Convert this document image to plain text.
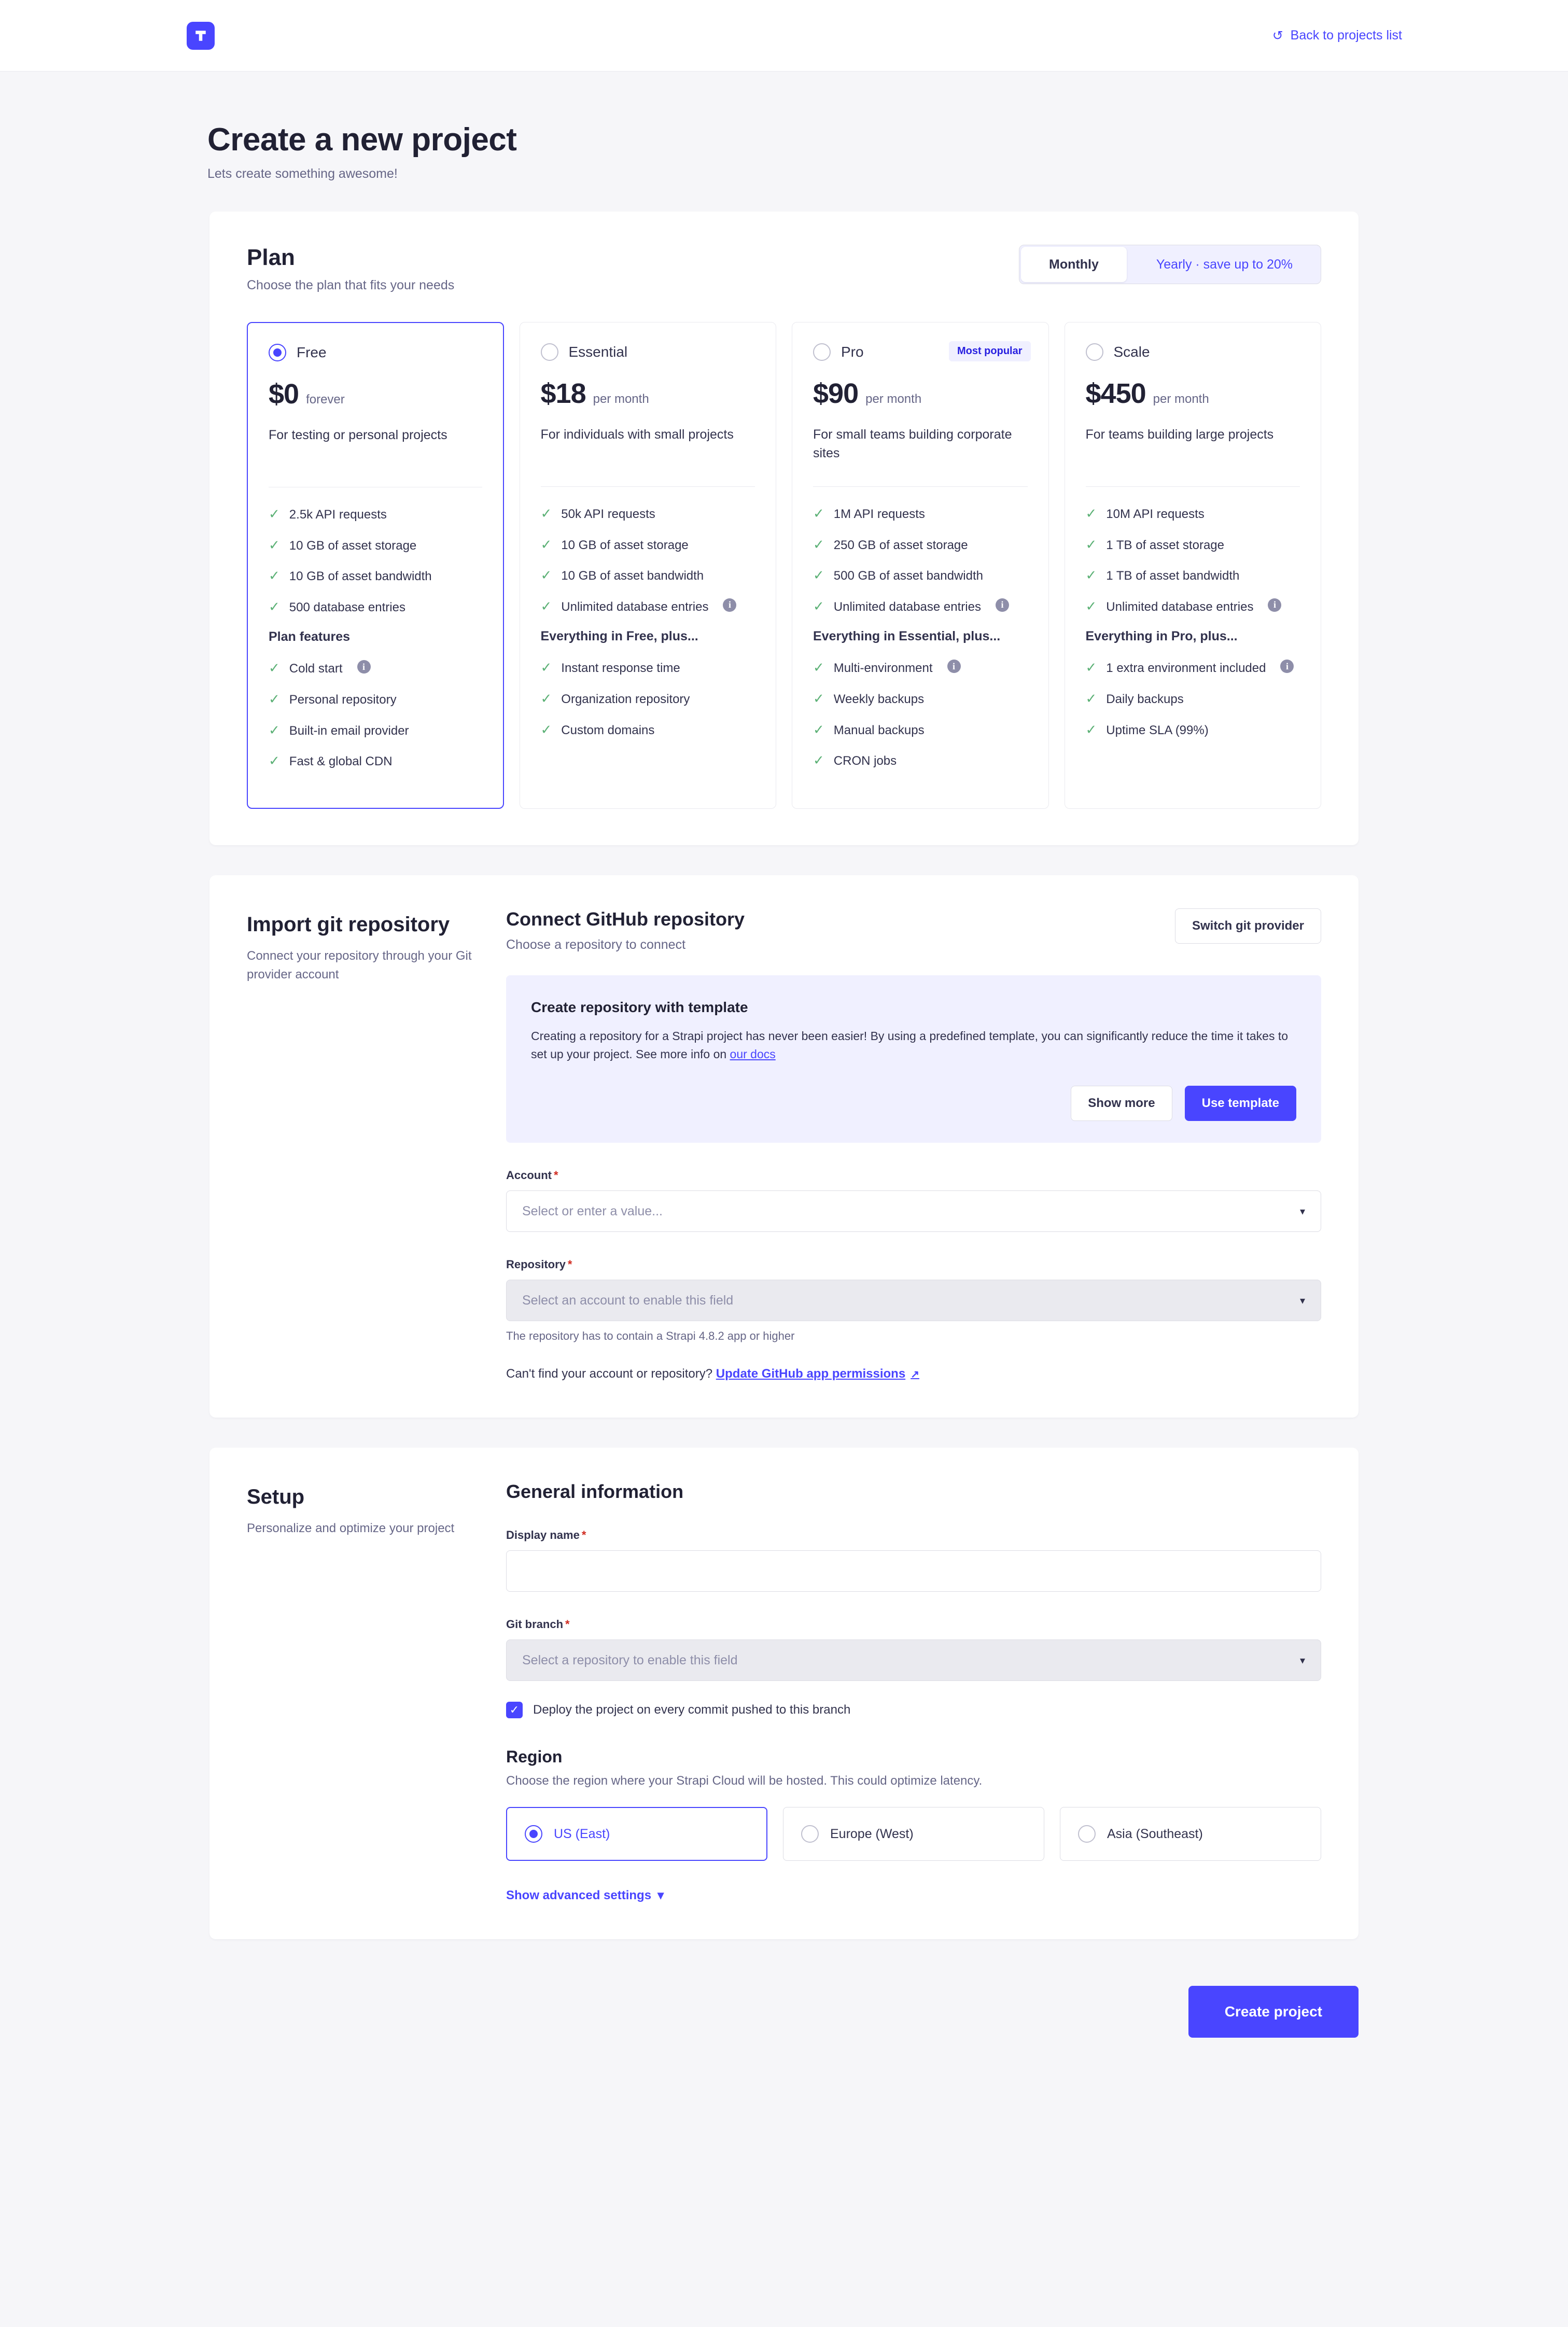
↺ Back to projects list
Create a new project

Lets create something awesome!

Plan
Choose the plan that fits your needs
Monthly	Yearly · save up to 20%
Free
$0 forever
For testing or personal projects
✓ 2.5k API requests
✓ 10 GB of asset storage
✓ 10 GB of asset bandwidth
✓ 500 database entries
Plan features
✓ Cold start	i
✓ Personal repository
✓ Built-in email provider
✓ Fast & global CDN
Essential
$18 per month
For individuals with small projects
✓ 50k API requests
✓ 10 GB of asset storage
✓ 10 GB of asset bandwidth
✓ Unlimited database entries	i
Everything in Free, plus...
✓ Instant response time
✓ Organization repository
✓ Custom domains
Most popular
Pro
$90 per month
For small teams building corporate sites
✓ 1M API requests
✓ 250 GB of asset storage
✓ 500 GB of asset bandwidth
✓ Unlimited database entries	i
Everything in Essential, plus...
✓ Multi-environment	i
✓ Weekly backups
✓ Manual backups
✓ CRON jobs
Scale
$450 per month
For teams building large projects
✓ 10M API requests
✓ 1 TB of asset storage
✓ 1 TB of asset bandwidth
✓ Unlimited database entries	i
Everything in Pro, plus...
✓ 1 extra environment included	i
✓ Daily backups
✓ Uptime SLA (99%)
Import git repository

Connect your repository through your Git provider account

Connect GitHub repository
Choose a repository to connect
Switch git provider
Create repository with template

Creating a repository for a Strapi project has never been easier! By using a predefined template, you can significantly reduce the time it takes to set up your project. See more info on our docs

Show more	Use template
Account *
Select or enter a value...	▾
Repository *
Select an account to enable this field	▾
The repository has to contain a Strapi 4.8.2 app or higher
Can't find your account or repository? Update GitHub app permissions ↗
Setup

Personalize and optimize your project

General information
Display name *
Git branch *
Select a repository to enable this field	▾
✓ Deploy the project on every commit pushed to this branch
Region
Choose the region where your Strapi Cloud will be hosted. This could optimize latency.
US (East)	Europe (West)	Asia (Southeast)
Show advanced settings ▾
Create project
